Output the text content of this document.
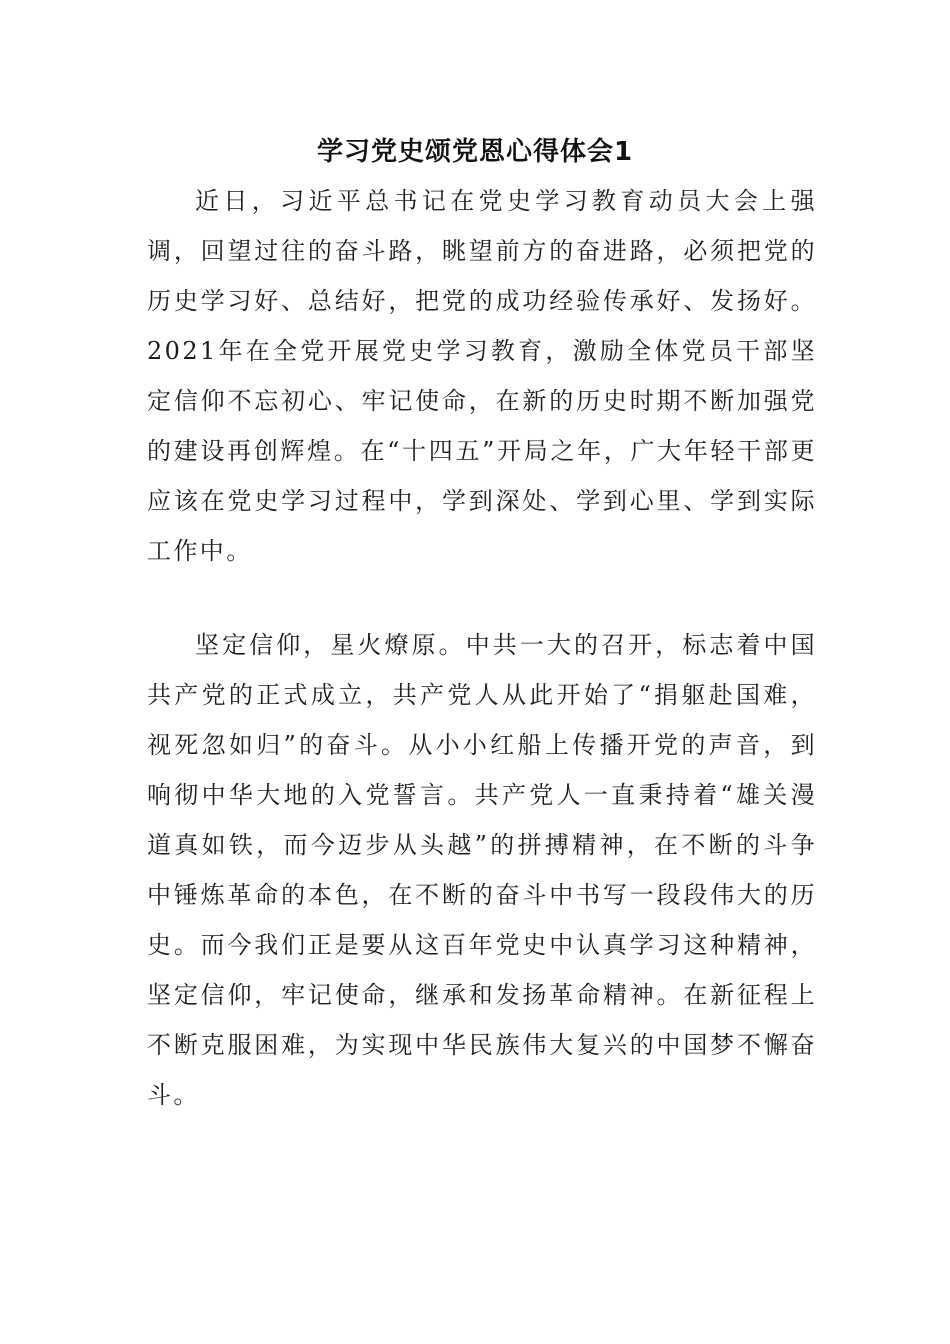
学习党史颂党恩心得体会1

近日，习近平总书记在党史学习教育动员大会上强调，回望过往的奋斗路，眺望前方的奋进路，必须把党的历史学习好、总结好，把党的成功经验传承好、发扬好。2021年在全党开展党史学习教育，激励全体党员干部坚定信仰不忘初心、牢记使命，在新的历史时期不断加强党的建设再创辉煌。在“十四五”开局之年，广大年轻干部更应该在党史学习过程中，学到深处、学到心里、学到实际工作中。

坚定信仰，星火燎原。中共一大的召开，标志着中国共产党的正式成立，共产党人从此开始了“捐躯赴国难，视死忽如归”的奋斗。从小小红船上传播开党的声音，到响彻中华大地的入党誓言。共产党人一直秉持着“雄关漫道真如铁，而今迈步从头越”的拼搏精神，在不断的斗争中锤炼革命的本色，在不断的奋斗中书写一段段伟大的历史。而今我们正是要从这百年党史中认真学习这种精神，坚定信仰，牢记使命，继承和发扬革命精神。在新征程上不断克服困难，为实现中华民族伟大复兴的中国梦不懈奋斗。
